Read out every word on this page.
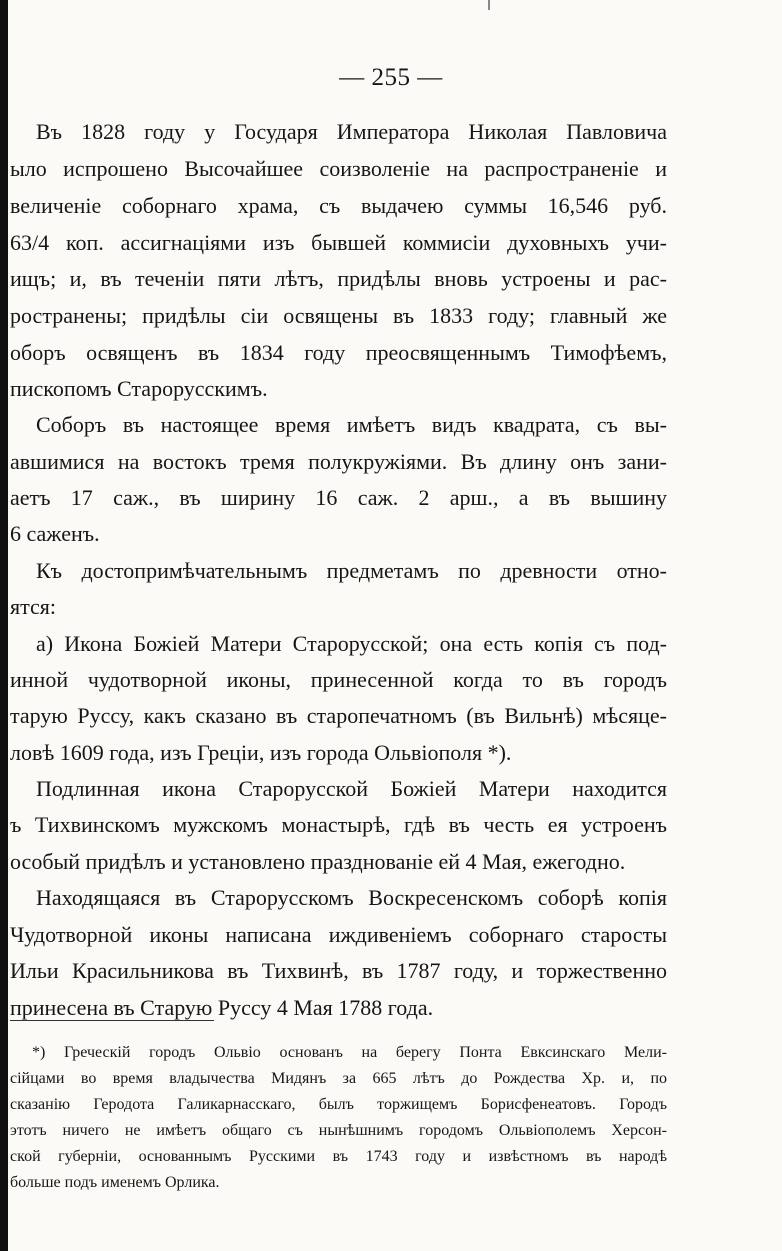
— 255 —
Въ 1828 году у Государя Императора Николая Павловича
ыло испрошено Высочайшее соизволеніе на распространеніе и
величеніе соборнаго храма, съ выдачею суммы 16,546 руб.
63/4 коп. ассигнаціями изъ бывшей коммисіи духовныхъ учи-
ищъ; и, въ теченіи пяти лѣтъ, придѣлы вновь устроены и рас-
ространены; придѣлы сіи освящены въ 1833 году; главный же
оборъ освященъ въ 1834 году преосвященнымъ Тимофѣемъ,
пископомъ Старорусскимъ.
Соборъ въ настоящее время имѣетъ видъ квадрата, съ вы-
авшимися на востокъ тремя полукружіями. Въ длину онъ зани-
аетъ 17 саж., въ ширину 16 саж. 2 арш., а въ вышину
6 саженъ.
Къ достопримѣчательнымъ предметамъ по древности отно-
ятся:
а) Икона Божіей Матери Старорусской; она есть копія съ под-
инной чудотворной иконы, принесенной когда то въ городъ
тарую Руссу, какъ сказано въ старопечатномъ (въ Вильнѣ) мѣсяце-
ловѣ 1609 года, изъ Греціи, изъ города Ольвіополя *).
Подлинная икона Старорусской Божіей Матери находится
ъ Тихвинскомъ мужскомъ монастырѣ, гдѣ въ честь ея устроенъ
особый придѣлъ и установлено празднованіе ей 4 Мая, ежегодно.
Находящаяся въ Старорусскомъ Воскресенскомъ соборѣ копія
Чудотворной иконы написана иждивеніемъ соборнаго старосты
Ильи Красильникова въ Тихвинѣ, въ 1787 году, и торжественно
принесена въ Старую Руссу 4 Мая 1788 года.
*) Греческій городъ Ольвіо основанъ на берегу Понта Евксинскаго Мели-
сійцами во время владычества Мидянъ за 665 лѣтъ до Рождества Хр. и, по
сказанію Геродота Галикарнасскаго, былъ торжищемъ Борисфенеатовъ. Городъ
этотъ ничего не имѣетъ общаго съ нынѣшнимъ городомъ Ольвіополемъ Херсон-
ской губерніи, основаннымъ Русскими въ 1743 году и извѣстномъ въ народѣ
больше подъ именемъ Орлика.
